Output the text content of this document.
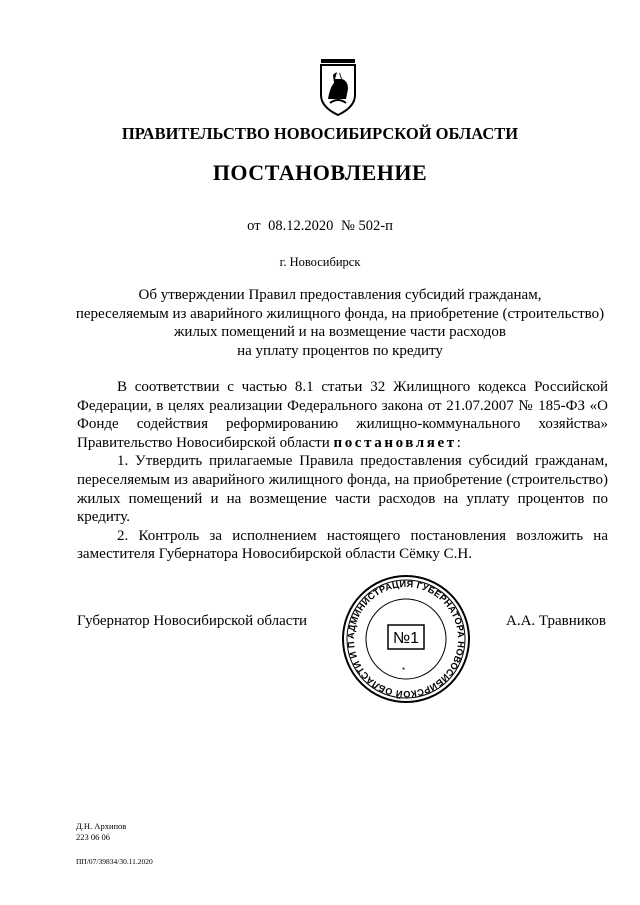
ПРАВИТЕЛЬСТВО НОВОСИБИРСКОЙ ОБЛАСТИ
ПОСТАНОВЛЕНИЕ
от 08.12.2020 № 502-п
г. Новосибирск
Об утверждении Правил предоставления субсидий гражданам,
переселяемым из аварийного жилищного фонда, на приобретение (строительство)
жилых помещений и на возмещение части расходов
на уплату процентов по кредиту

В соответствии с частью 8.1 статьи 32 Жилищного кодекса Российской Федерации, в целях реализации Федерального закона от 21.07.2007 № 185-ФЗ «О Фонде содействия реформированию жилищно-коммунального хозяйства» Правительство Новосибирской области постановляет:

1. Утвердить прилагаемые Правила предоставления субсидий гражданам, переселяемым из аварийного жилищного фонда, на приобретение (строительство) жилых помещений и на возмещение части расходов на уплату процентов по кредиту.

2. Контроль за исполнением настоящего постановления возложить на заместителя Губернатора Новосибирской области Сёмку С.Н.

Губернатор Новосибирской области	А.А. Травников
АДМИНИСТРАЦИЯ ГУБЕРНАТОРА НОВОСИБИРСКОЙ ОБЛАСТИ И П	№1
*
Д.Н. Архипов
223 06 06
ПП/07/39834/30.11.2020
